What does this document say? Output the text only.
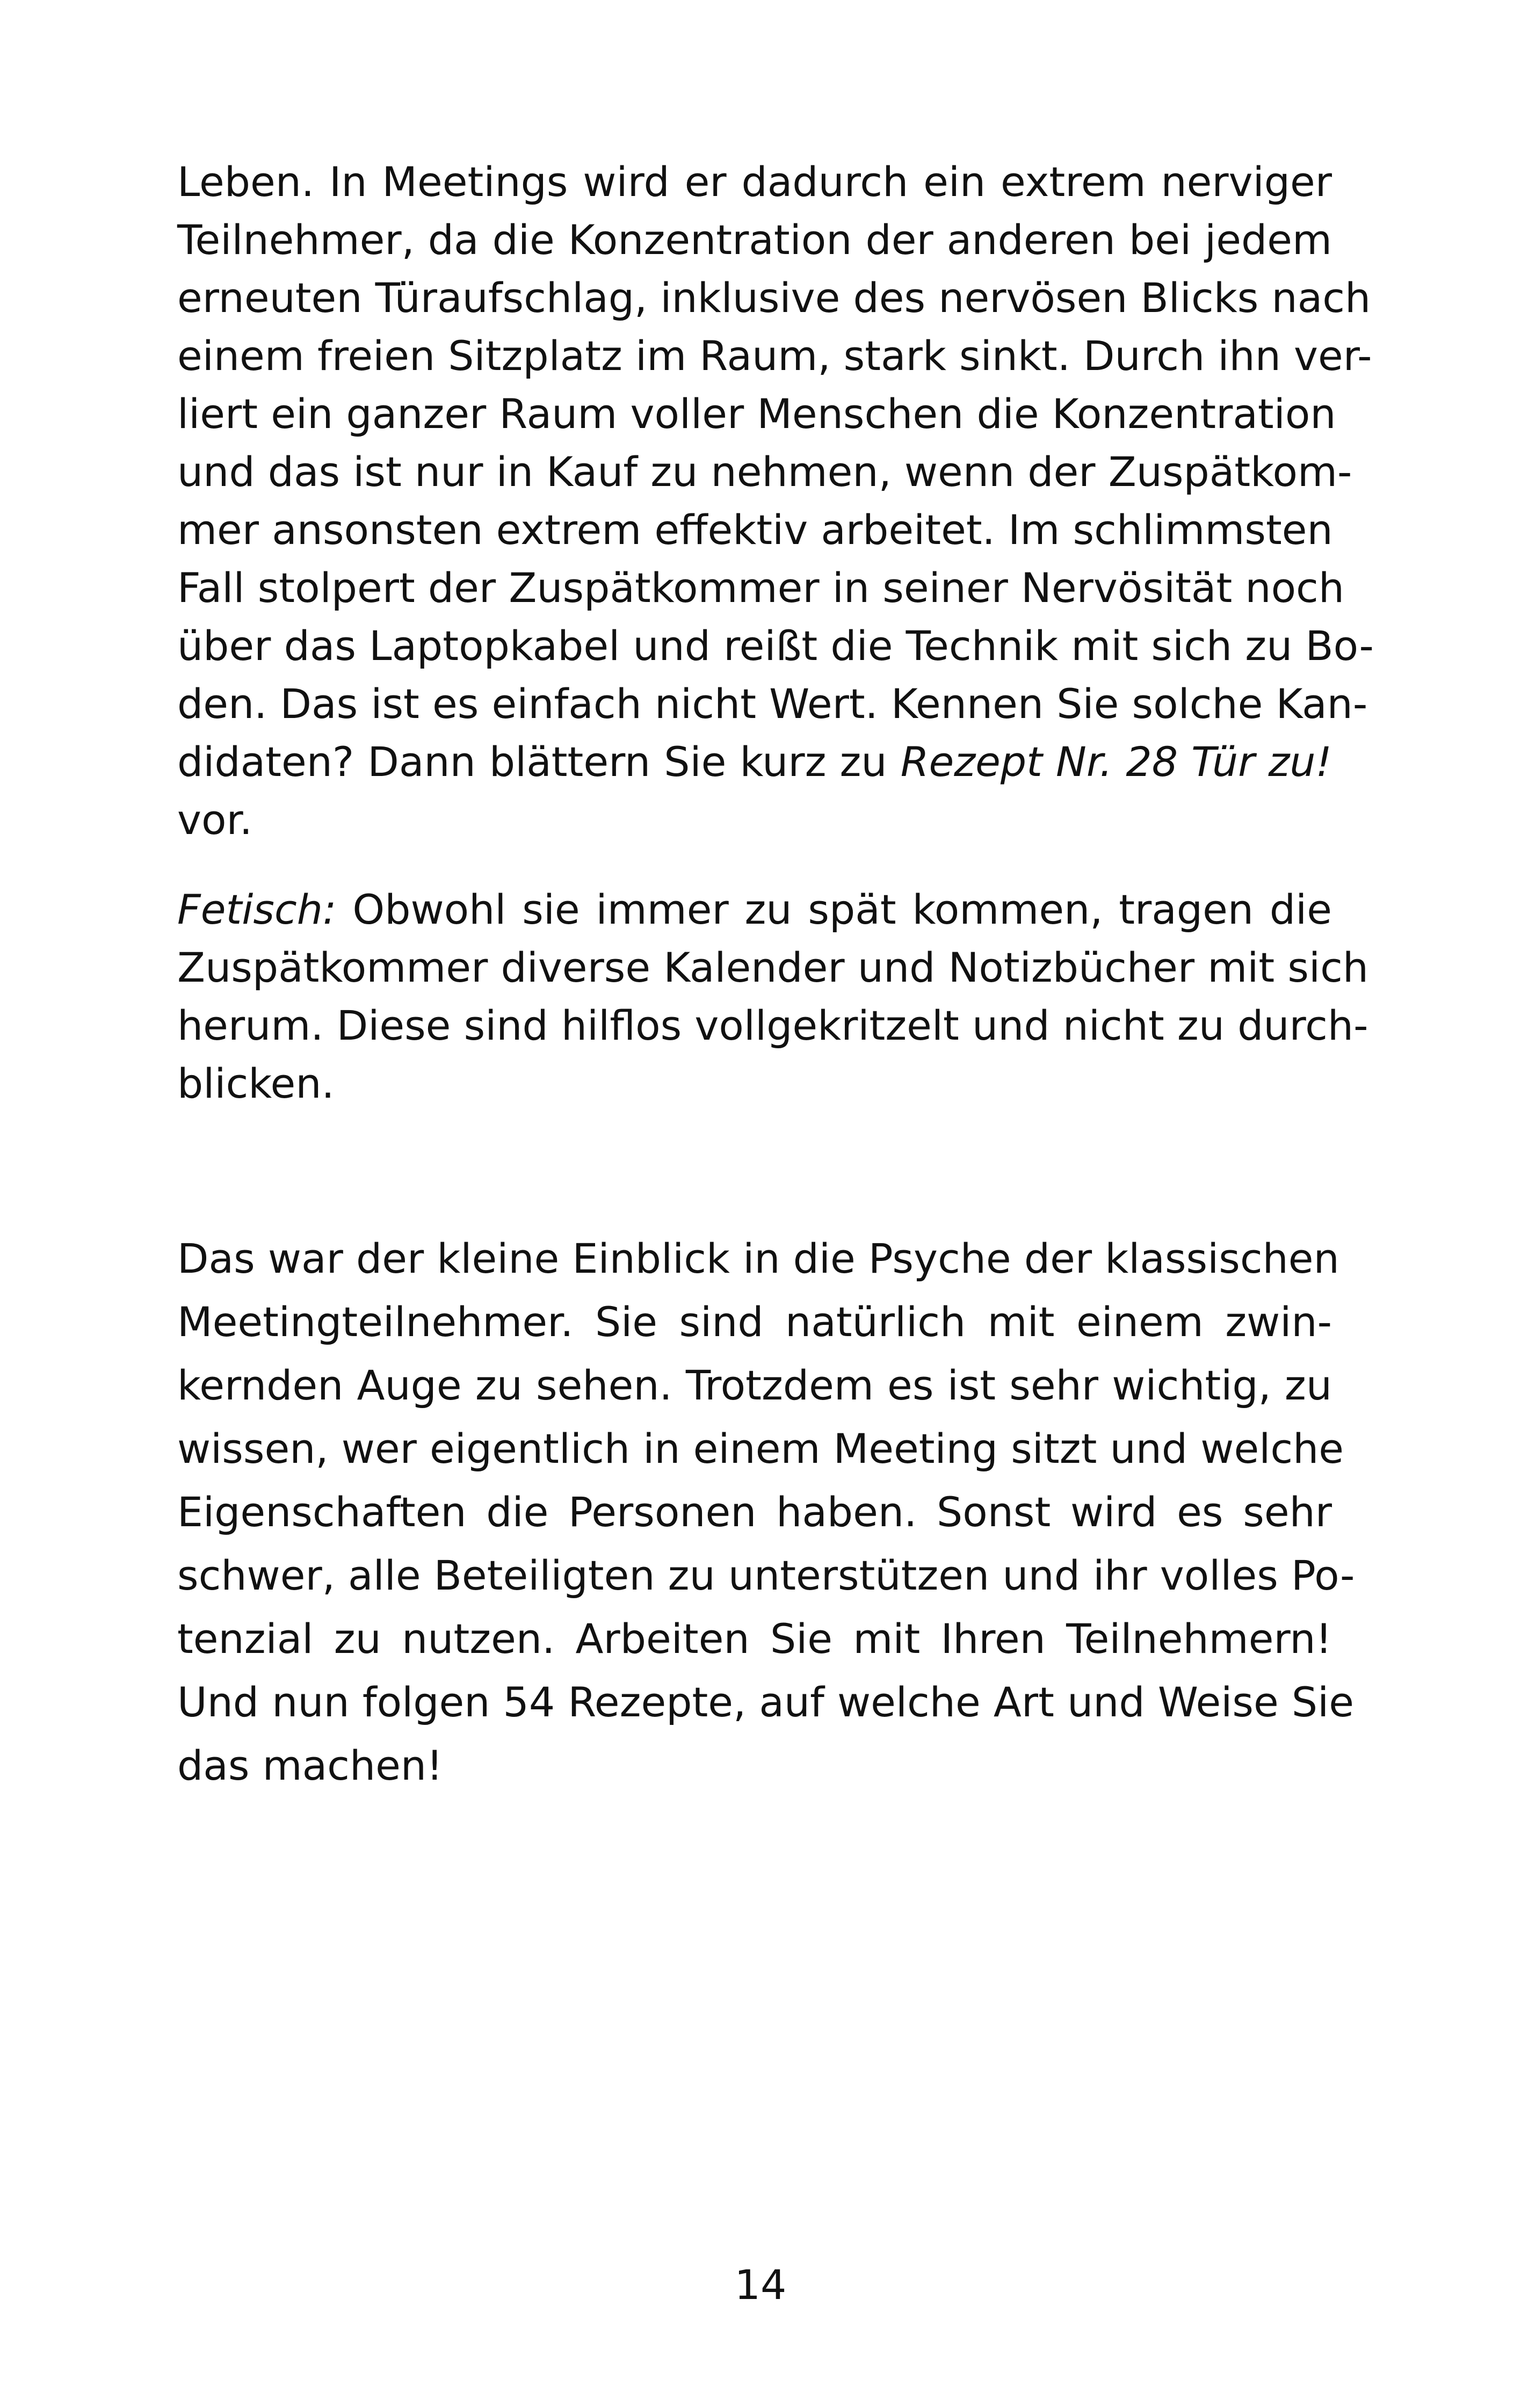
Leben. In Meetings wird er dadurch ein extrem nerviger
Teilnehmer, da die Konzentration der anderen bei jedem
erneuten Türaufschlag, inklusive des nervösen Blicks nach
einem freien Sitzplatz im Raum, stark sinkt. Durch ihn ver-
liert ein ganzer Raum voller Menschen die Konzentration
und das ist nur in Kauf zu nehmen, wenn der Zuspätkom-
mer ansonsten extrem effektiv arbeitet. Im schlimmsten
Fall stolpert der Zuspätkommer in seiner Nervösität noch
über das Laptopkabel und reißt die Technik mit sich zu Bo-
den. Das ist es einfach nicht Wert. Kennen Sie solche Kan-
didaten? Dann blättern Sie kurz zu Rezept Nr. 28 Tür zu!
vor.
Fetisch: Obwohl sie immer zu spät kommen, tragen die
Zuspätkommer diverse Kalender und Notizbücher mit sich
herum. Diese sind hilflos vollgekritzelt und nicht zu durch-
blicken.
Das war der kleine Einblick in die Psyche der klassischen
Meetingteilnehmer. Sie sind natürlich mit einem zwin-
kernden Auge zu sehen. Trotzdem es ist sehr wichtig, zu
wissen, wer eigentlich in einem Meeting sitzt und welche
Eigenschaften die Personen haben. Sonst wird es sehr
schwer, alle Beteiligten zu unterstützen und ihr volles Po-
tenzial zu nutzen. Arbeiten Sie mit Ihren Teilnehmern!
Und nun folgen 54 Rezepte, auf welche Art und Weise Sie
das machen!
14
